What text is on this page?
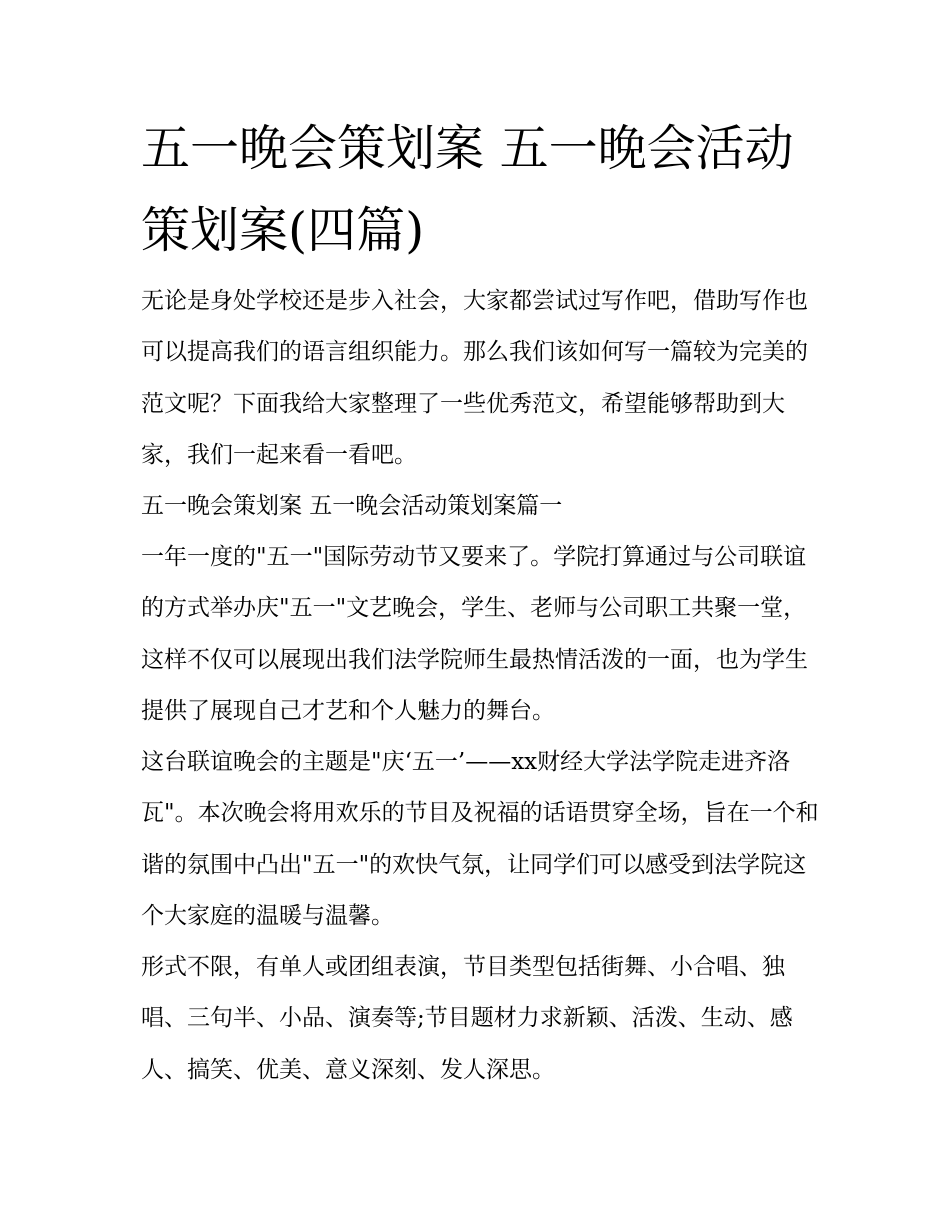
五一晚会策划案 五一晚会活动策划案(四篇)

无论是身处学校还是步入社会，大家都尝试过写作吧，借助写作也可以提高我们的语言组织能力。那么我们该如何写一篇较为完美的范文呢？下面我给大家整理了一些优秀范文，希望能够帮助到大家，我们一起来看一看吧。

五一晚会策划案 五一晚会活动策划案篇一

一年一度的"五一"国际劳动节又要来了。学院打算通过与公司联谊的方式举办庆"五一"文艺晚会，学生、老师与公司职工共聚一堂，这样不仅可以展现出我们法学院师生最热情活泼的一面，也为学生提供了展现自己才艺和个人魅力的舞台。

这台联谊晚会的主题是"庆‘五一’——xx财经大学法学院走进齐洛瓦"。本次晚会将用欢乐的节目及祝福的话语贯穿全场，旨在一个和谐的氛围中凸出"五一"的欢快气氛，让同学们可以感受到法学院这个大家庭的温暖与温馨。

形式不限，有单人或团组表演，节目类型包括街舞、小合唱、独唱、三句半、小品、演奏等;节目题材力求新颖、活泼、生动、感人、搞笑、优美、意义深刻、发人深思。
